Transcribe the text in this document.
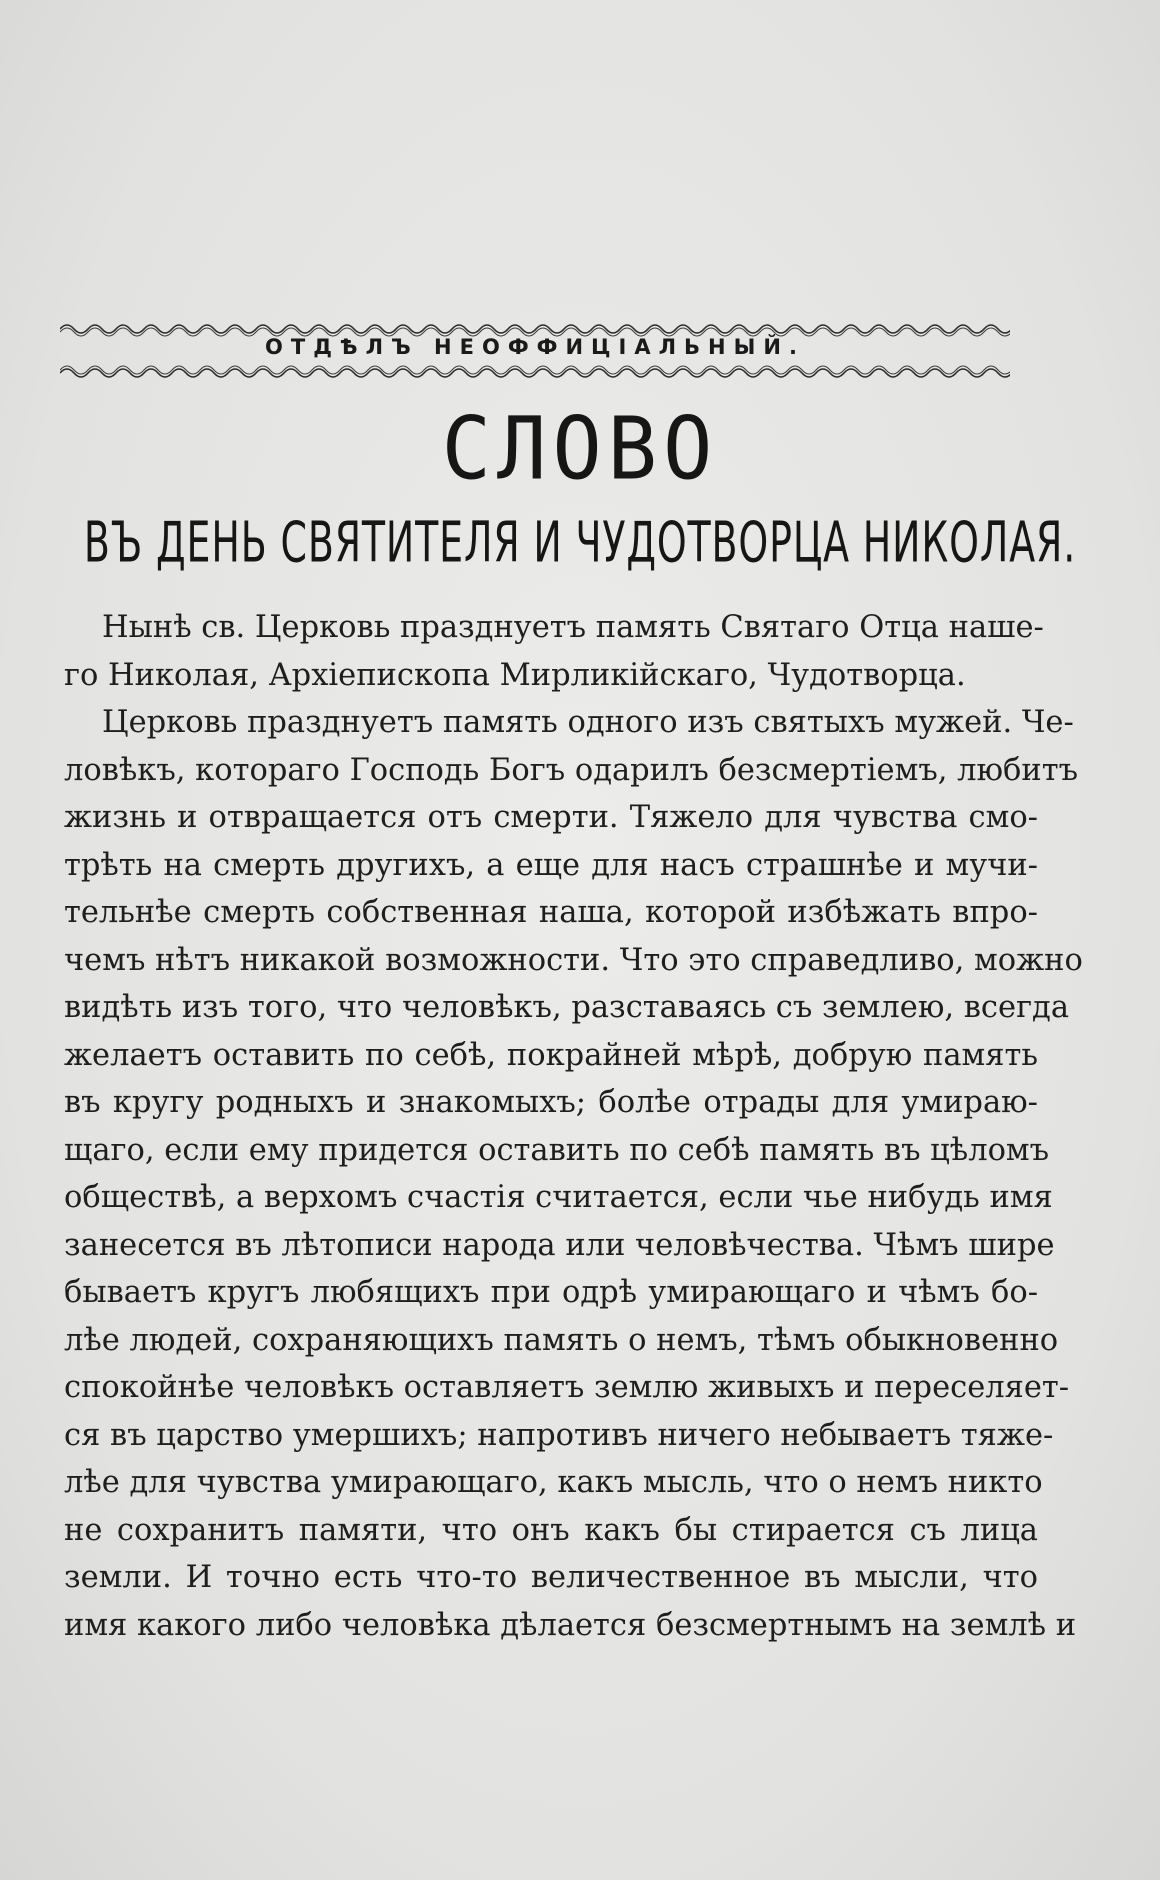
ОТДѢЛЪ НЕОФФИЦІАЛЬНЫЙ.
СЛОВО
ВЪ ДЕНЬ СВЯТИТЕЛЯ И ЧУДОТВОРЦА НИКОЛАЯ.
Нынѣ св. Церковь празднуетъ память Святаго Отца наше-
го Николая, Архіепископа Мирликійскаго, Чудотворца.
Церковь празднуетъ память одного изъ святыхъ мужей. Че-
ловѣкъ, котораго Господь Богъ одарилъ безсмертіемъ, любитъ
жизнь и отвращается отъ смерти. Тяжело для чувства смо-
трѣть на смерть другихъ, а еще для насъ страшнѣе и мучи-
тельнѣе смерть собственная наша, которой избѣжать впро-
чемъ нѣтъ никакой возможности. Что это справедливо, можно
видѣть изъ того, что человѣкъ, разставаясь съ землею, всегда
желаетъ оставить по себѣ, покрайней мѣрѣ, добрую память
въ кругу родныхъ и знакомыхъ; болѣе отрады для умираю-
щаго, если ему придется оставить по себѣ память въ цѣломъ
обществѣ, а верхомъ счастія считается, если чье нибудь имя
занесется въ лѣтописи народа или человѣчества. Чѣмъ шире
бываетъ кругъ любящихъ при одрѣ умирающаго и чѣмъ бо-
лѣе людей, сохраняющихъ память о немъ, тѣмъ обыкновенно
спокойнѣе человѣкъ оставляетъ землю живыхъ и переселяет-
ся въ царство умершихъ; напротивъ ничего небываетъ тяже-
лѣе для чувства умирающаго, какъ мысль, что о немъ никто
не сохранитъ памяти, что онъ какъ бы стирается съ лица
земли. И точно есть что-то величественное въ мысли, что
имя какого либо человѣка дѣлается безсмертнымъ на землѣ и
